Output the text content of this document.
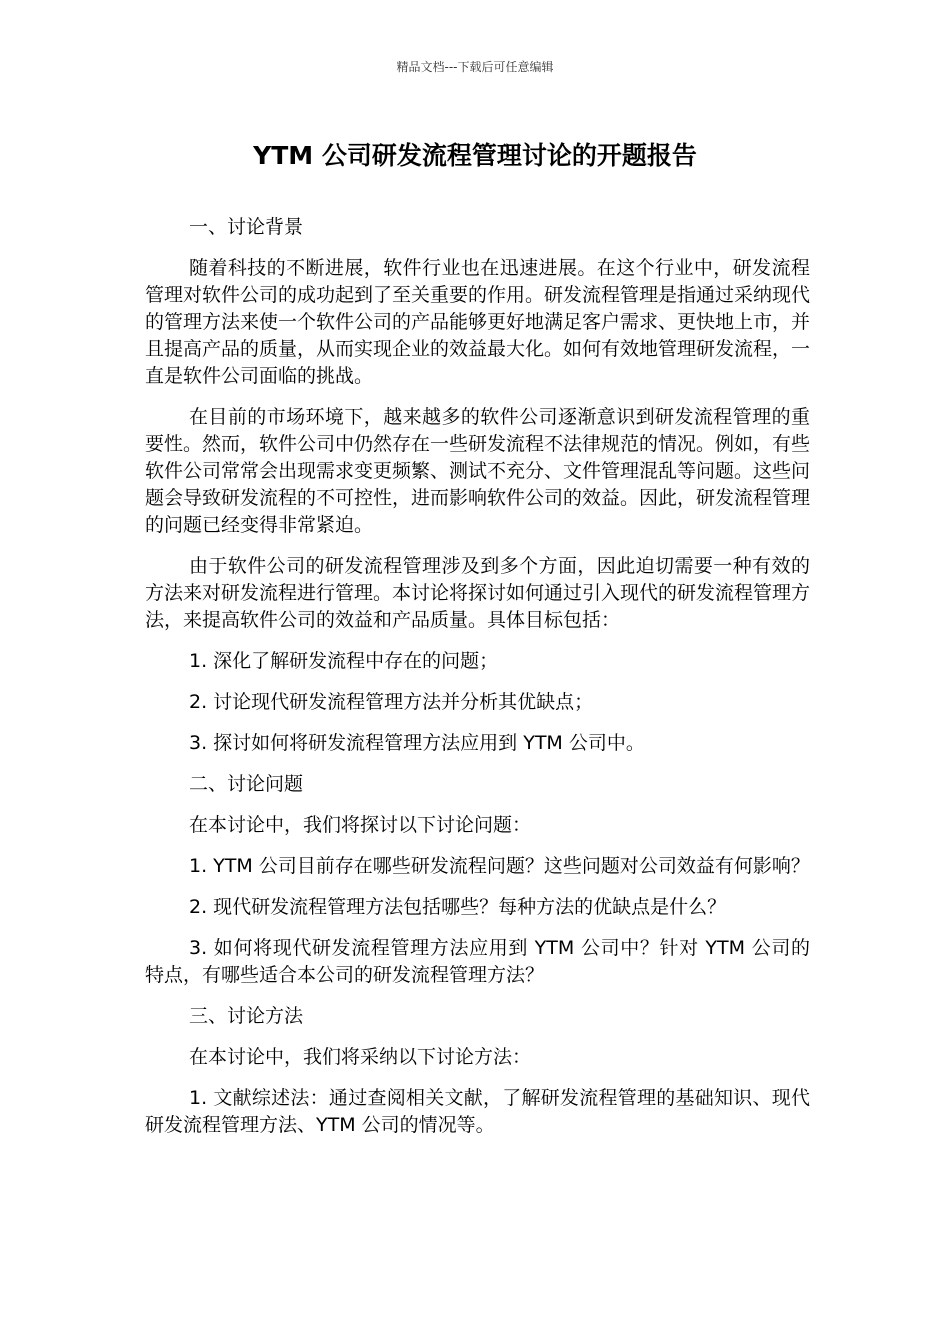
精品文档---下载后可任意编辑
YTM 公司研发流程管理讨论的开题报告

一、讨论背景

随着科技的不断进展，软件行业也在迅速进展。在这个行业中，研发流程管理对软件公司的成功起到了至关重要的作用。研发流程管理是指通过采纳现代的管理方法来使一个软件公司的产品能够更好地满足客户需求、更快地上市，并且提高产品的质量，从而实现企业的效益最大化。如何有效地管理研发流程，一直是软件公司面临的挑战。

在目前的市场环境下，越来越多的软件公司逐渐意识到研发流程管理的重要性。然而，软件公司中仍然存在一些研发流程不法律规范的情况。例如，有些软件公司常常会出现需求变更频繁、测试不充分、文件管理混乱等问题。这些问题会导致研发流程的不可控性，进而影响软件公司的效益。因此，研发流程管理的问题已经变得非常紧迫。

由于软件公司的研发流程管理涉及到多个方面，因此迫切需要一种有效的方法来对研发流程进行管理。本讨论将探讨如何通过引入现代的研发流程管理方法，来提高软件公司的效益和产品质量。具体目标包括：

1. 深化了解研发流程中存在的问题；

2. 讨论现代研发流程管理方法并分析其优缺点；

3. 探讨如何将研发流程管理方法应用到 YTM 公司中。

二、讨论问题

在本讨论中，我们将探讨以下讨论问题：

1. YTM 公司目前存在哪些研发流程问题？这些问题对公司效益有何影响？

2. 现代研发流程管理方法包括哪些？每种方法的优缺点是什么？

3. 如何将现代研发流程管理方法应用到 YTM 公司中？针对 YTM 公司的特点，有哪些适合本公司的研发流程管理方法？

三、讨论方法

在本讨论中，我们将采纳以下讨论方法：

1. 文献综述法：通过查阅相关文献，了解研发流程管理的基础知识、现代研发流程管理方法、YTM 公司的情况等。
